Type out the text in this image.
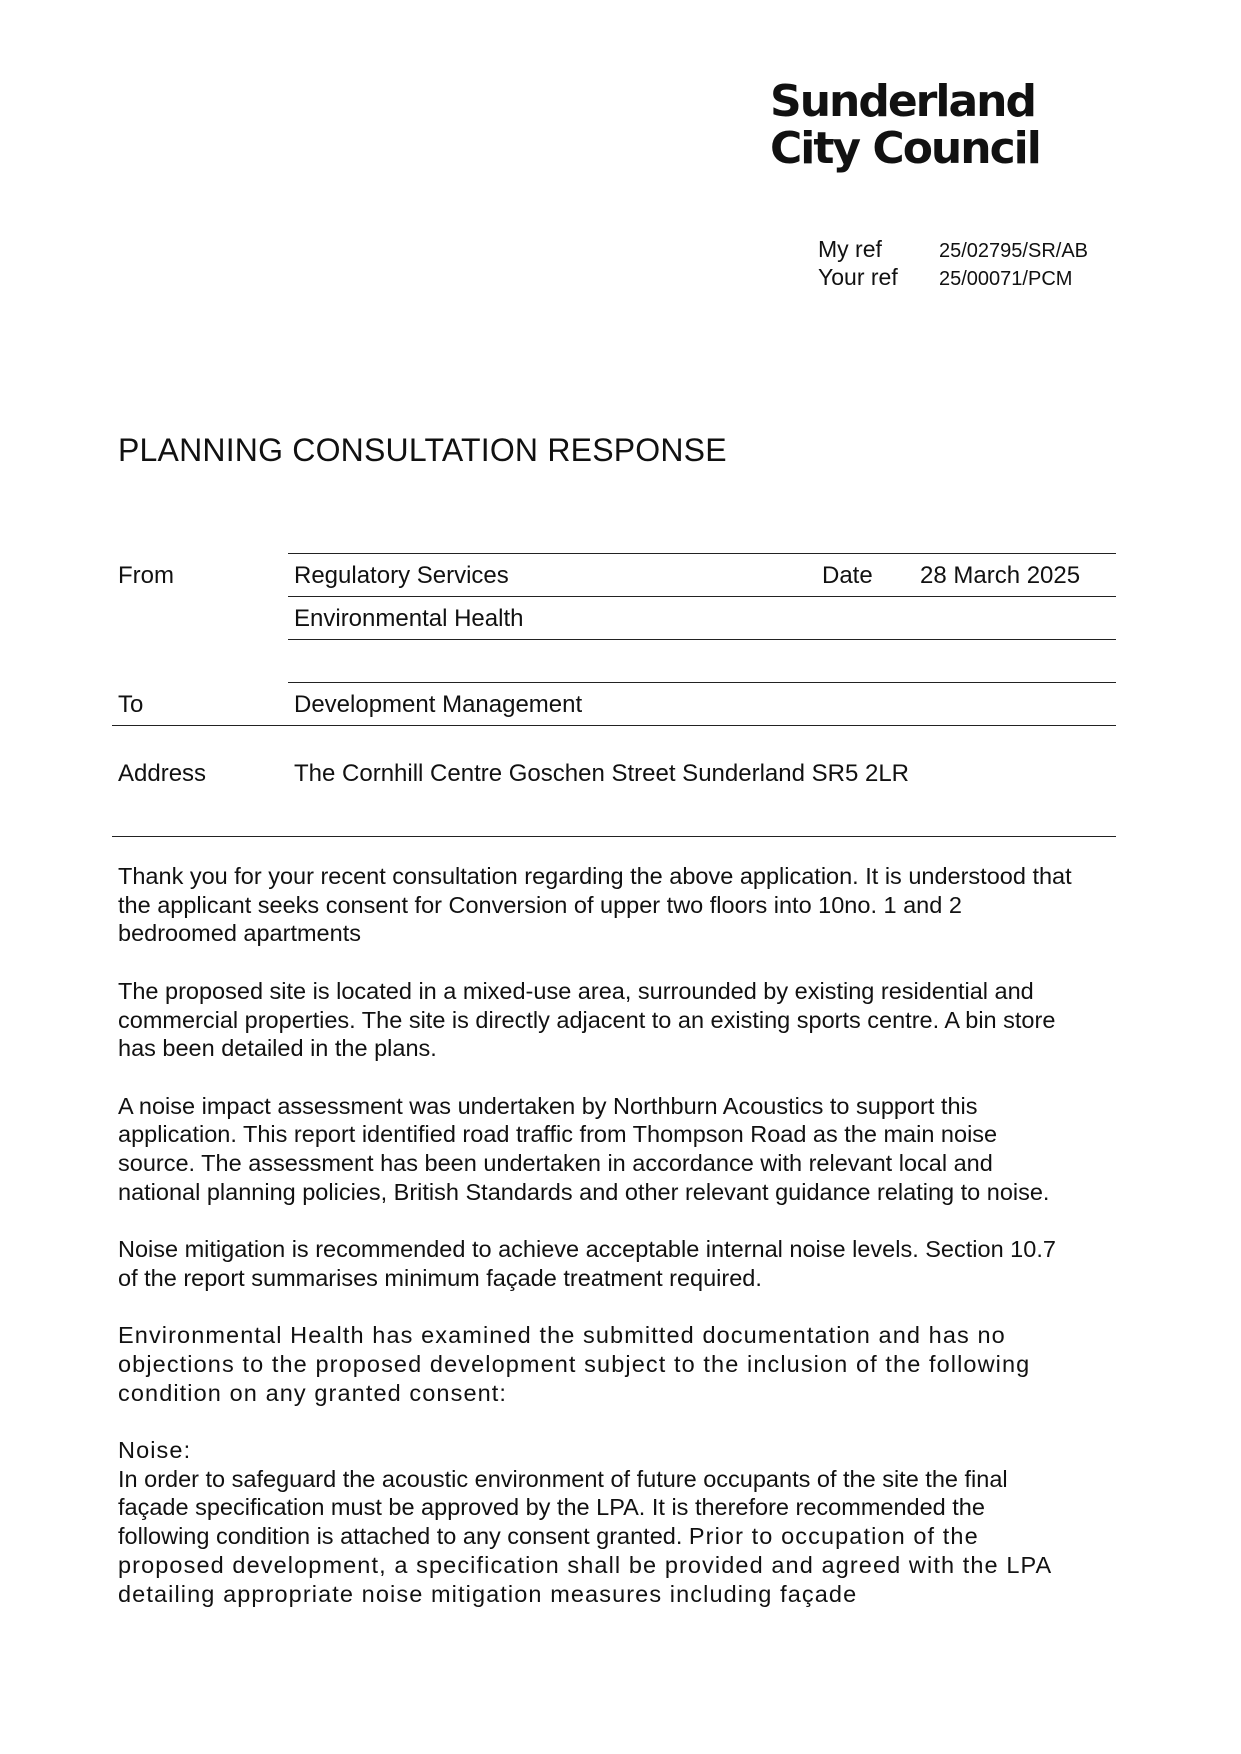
Sunderland
City Council
My ref	25/02795/SR/AB
Your ref 25/00071/PCM
PLANNING CONSULTATION RESPONSE
From	Regulatory Services	Date 28 March 2025
Environmental Health
To	Development Management
Address	The Cornhill Centre Goschen Street Sunderland SR5 2LR

Thank you for your recent consultation regarding the above application. It is understood that the applicant seeks consent for Conversion of upper two floors into 10no. 1 and 2 bedroomed apartments

The proposed site is located in a mixed-use area, surrounded by existing residential and commercial properties. The site is directly adjacent to an existing sports centre. A bin store has been detailed in the plans.

A noise impact assessment was undertaken by Northburn Acoustics to support this application. This report identified road traffic from Thompson Road as the main noise source. The assessment has been undertaken in accordance with relevant local and national planning policies, British Standards and other relevant guidance relating to noise.

Noise mitigation is recommended to achieve acceptable internal noise levels. Section 10.7 of the report summarises minimum façade treatment required.

Environmental Health has examined the submitted documentation and has no objections to the proposed development subject to the inclusion of the following condition on any granted consent:

Noise:
In order to safeguard the acoustic environment of future occupants of the site the final façade specification must be approved by the LPA. It is therefore recommended the following condition is attached to any consent granted. Prior to occupation of the proposed development, a specification shall be provided and agreed with the LPA detailing appropriate noise mitigation measures including façade
